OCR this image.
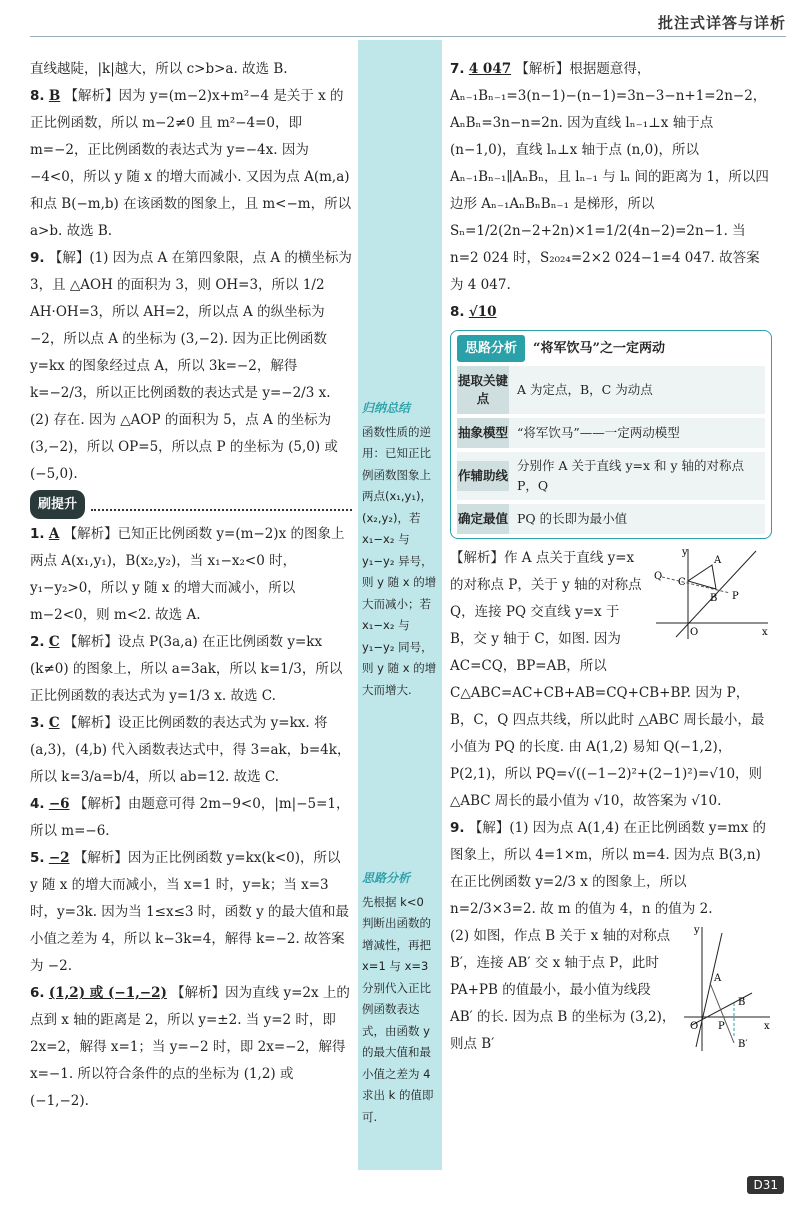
批注式详答与详析
归纳总结
函数性质的逆用：已知正比例函数图象上两点(x₁,y₁)，(x₂,y₂)，若 x₁−x₂ 与 y₁−y₂ 异号，则 y 随 x 的增大而减小；若 x₁−x₂ 与 y₁−y₂ 同号，则 y 随 x 的增大而增大.
思路分析
先根据 k<0 判断出函数的增减性，再把 x=1 与 x=3 分别代入正比例函数表达式，由函数 y 的最大值和最小值之差为 4 求出 k 的值即可.

直线越陡，|k|越大，所以 c>b>a. 故选 B.

8. B 【解析】因为 y=(m−2)x+m²−4 是关于 x 的正比例函数，所以 m−2≠0 且 m²−4=0，即 m=−2，正比例函数的表达式为 y=−4x. 因为 −4<0，所以 y 随 x 的增大而减小. 又因为点 A(m,a) 和点 B(−m,b) 在该函数的图象上，且 m<−m，所以 a>b. 故选 B.

9. 【解】(1) 因为点 A 在第四象限，点 A 的横坐标为 3，且 △AOH 的面积为 3，则 OH=3，所以 1/2 AH·OH=3，所以 AH=2，所以点 A 的纵坐标为 −2，所以点 A 的坐标为 (3,−2). 因为正比例函数 y=kx 的图象经过点 A，所以 3k=−2，解得 k=−2/3，所以正比例函数的表达式是 y=−2/3 x.

(2) 存在. 因为 △AOP 的面积为 5，点 A 的坐标为 (3,−2)，所以 OP=5，所以点 P 的坐标为 (5,0) 或 (−5,0).

刷提升

1. A 【解析】已知正比例函数 y=(m−2)x 的图象上两点 A(x₁,y₁)，B(x₂,y₂)，当 x₁−x₂<0 时，y₁−y₂>0，所以 y 随 x 的增大而减小，所以 m−2<0，则 m<2. 故选 A.

2. C 【解析】设点 P(3a,a) 在正比例函数 y=kx (k≠0) 的图象上，所以 a=3ak，所以 k=1/3，所以正比例函数的表达式为 y=1/3 x. 故选 C.

3. C 【解析】设正比例函数的表达式为 y=kx. 将 (a,3)，(4,b) 代入函数表达式中，得 3=ak，b=4k，所以 k=3/a=b/4，所以 ab=12. 故选 C.

4. −6 【解析】由题意可得 2m−9<0，|m|−5=1，所以 m=−6.

5. −2 【解析】因为正比例函数 y=kx(k<0)，所以 y 随 x 的增大而减小，当 x=1 时，y=k；当 x=3 时，y=3k. 因为当 1≤x≤3 时，函数 y 的最大值和最小值之差为 4，所以 k−3k=4，解得 k=−2. 故答案为 −2.

6. (1,2) 或 (−1,−2) 【解析】因为直线 y=2x 上的点到 x 轴的距离是 2，所以 y=±2. 当 y=2 时，即 2x=2，解得 x=1；当 y=−2 时，即 2x=−2，解得 x=−1. 所以符合条件的点的坐标为 (1,2) 或 (−1,−2).

7. 4 047 【解析】根据题意得，Aₙ₋₁Bₙ₋₁=3(n−1)−(n−1)=3n−3−n+1=2n−2，AₙBₙ=3n−n=2n. 因为直线 lₙ₋₁⊥x 轴于点 (n−1,0)，直线 lₙ⊥x 轴于点 (n,0)，所以 Aₙ₋₁Bₙ₋₁∥AₙBₙ，且 lₙ₋₁ 与 lₙ 间的距离为 1，所以四边形 Aₙ₋₁AₙBₙBₙ₋₁ 是梯形，所以 Sₙ=1/2(2n−2+2n)×1=1/2(4n−2)=2n−1. 当 n=2 024 时，S₂₀₂₄=2×2 024−1=4 047. 故答案为 4 047.

8. √10

思路分析	“将军饮马”之一定两动
提取关键点
A 为定点，B，C 为动点
抽象模型 “将军饮马”——一定两动模型
作辅助线
分别作 A 关于直线 y=x 和 y 轴的对称点 P，Q
确定最值 PQ 的长即为最小值
y
x
O
A
B
C
P
Q

【解析】作 A 点关于直线 y=x 的对称点 P，关于 y 轴的对称点 Q，连接 PQ 交直线 y=x 于 B，交 y 轴于 C，如图. 因为 AC=CQ，BP=AB，所以 C△ABC=AC+CB+AB=CQ+CB+BP. 因为 P，B，C，Q 四点共线，所以此时 △ABC 周长最小，最小值为 PQ 的长度. 由 A(1,2) 易知 Q(−1,2)，P(2,1)，所以 PQ=√((−1−2)²+(2−1)²)=√10，则 △ABC 周长的最小值为 √10，故答案为 √10.

9. 【解】(1) 因为点 A(1,4) 在正比例函数 y=mx 的图象上，所以 4=1×m，所以 m=4. 因为点 B(3,n) 在正比例函数 y=2/3 x 的图象上，所以 n=2/3×3=2. 故 m 的值为 4，n 的值为 2.

y
x
O
A
B
P
B′

(2) 如图，作点 B 关于 x 轴的对称点 B′，连接 AB′ 交 x 轴于点 P，此时 PA+PB 的值最小，最小值为线段 AB′ 的长. 因为点 B 的坐标为 (3,2)，则点 B′

D31
